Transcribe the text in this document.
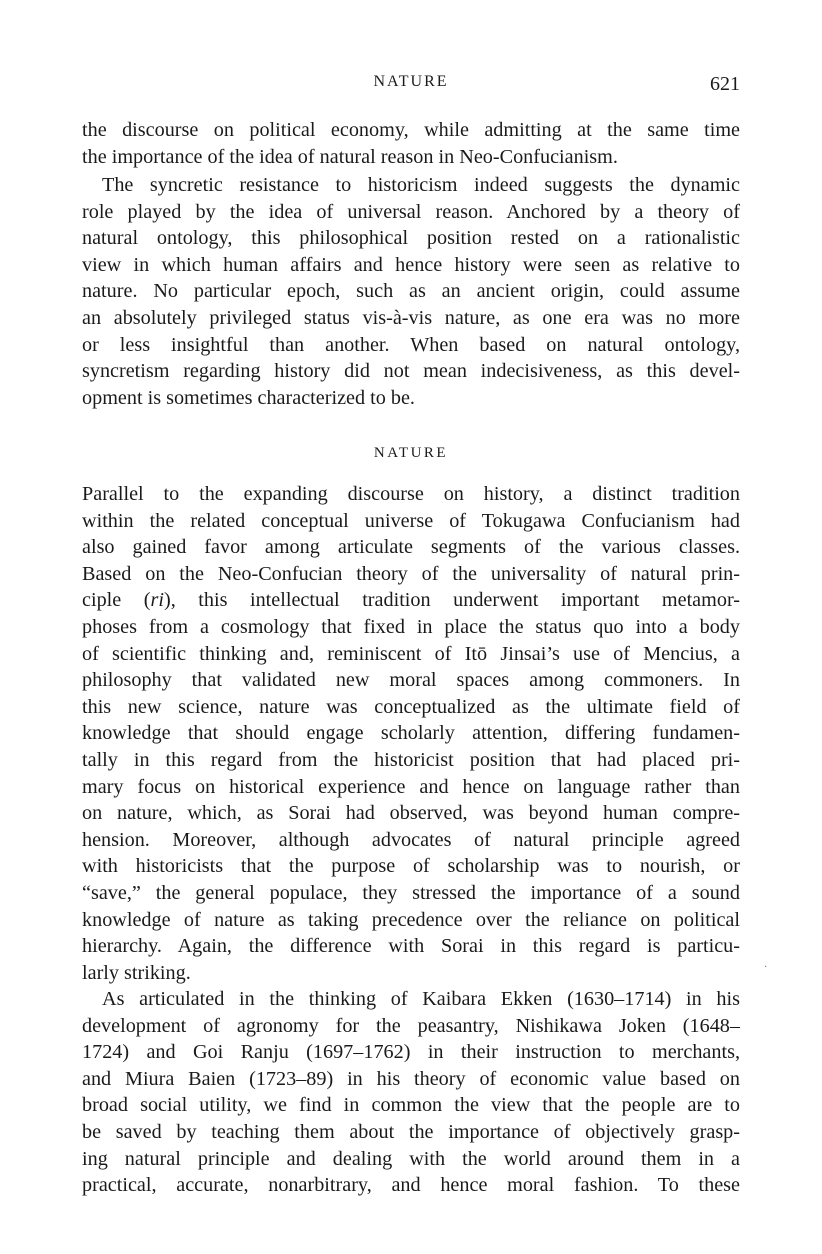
NATURE	621
the discourse on political economy, while admitting at the same time
the importance of the idea of natural reason in Neo-Confucianism.
The syncretic resistance to historicism indeed suggests the dynamic
role played by the idea of universal reason. Anchored by a theory of
natural ontology, this philosophical position rested on a rationalistic
view in which human affairs and hence history were seen as relative to
nature. No particular epoch, such as an ancient origin, could assume
an absolutely privileged status vis-à-vis nature, as one era was no more
or less insightful than another. When based on natural ontology,
syncretism regarding history did not mean indecisiveness, as this devel-
opment is sometimes characterized to be.
NATURE
Parallel to the expanding discourse on history, a distinct tradition
within the related conceptual universe of Tokugawa Confucianism had
also gained favor among articulate segments of the various classes.
Based on the Neo-Confucian theory of the universality of natural prin-
ciple (ri), this intellectual tradition underwent important metamor-
phoses from a cosmology that fixed in place the status quo into a body
of scientific thinking and, reminiscent of Itō Jinsai’s use of Mencius, a
philosophy that validated new moral spaces among commoners. In
this new science, nature was conceptualized as the ultimate field of
knowledge that should engage scholarly attention, differing fundamen-
tally in this regard from the historicist position that had placed pri-
mary focus on historical experience and hence on language rather than
on nature, which, as Sorai had observed, was beyond human compre-
hension. Moreover, although advocates of natural principle agreed
with historicists that the purpose of scholarship was to nourish, or
“save,” the general populace, they stressed the importance of a sound
knowledge of nature as taking precedence over the reliance on political
hierarchy. Again, the difference with Sorai in this regard is particu-
larly striking.
As articulated in the thinking of Kaibara Ekken (1630–1714) in his
development of agronomy for the peasantry, Nishikawa Joken (1648–
1724) and Goi Ranju (1697–1762) in their instruction to merchants,
and Miura Baien (1723–89) in his theory of economic value based on
broad social utility, we find in common the view that the people are to
be saved by teaching them about the importance of objectively grasp-
ing natural principle and dealing with the world around them in a
practical, accurate, nonarbitrary, and hence moral fashion. To these
·
